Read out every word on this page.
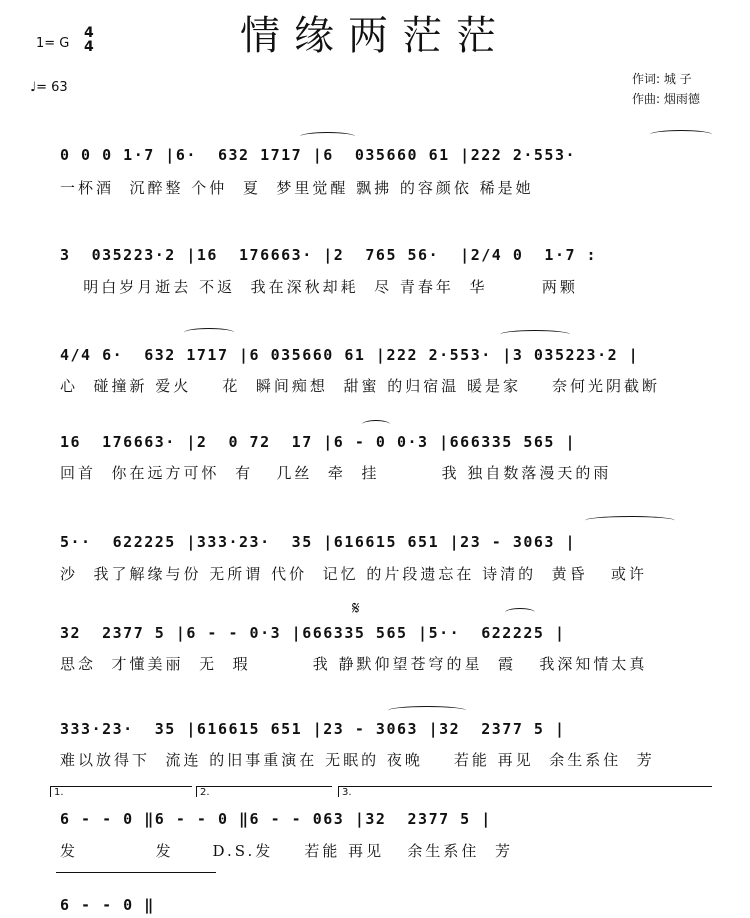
情缘两茫茫
1= G
4
4
♩= 63
作词: 城 子
作曲: 烟雨德
0 0 0 1·7 |6·  632 1717 |6  035660 61 |222 2·553·
一杯酒  沉醉整 个仲  夏  梦里觉醒 飘拂 的容颜依 稀是她
3  035223·2 |16  176663· |2  765 56·  |2/4 0  1·7 :
明白岁月逝去 不返  我在深秋却耗  尽 青春年  华       两颗
4/4 6·  632 1717 |6 035660 61 |222 2·553· |3 035223·2 |
心  碰撞新 爱火    花  瞬间痴想  甜蜜 的归宿温 暖是家    奈何光阴截断
16  176663· |2  0 72  17 |6 - 0 0·3 |666335 565 |
回首  你在远方可怀  有   几丝  牵  挂        我 独自数落漫天的雨
5··  622225 |333·23·  35 |616615 651 |23 - 3063 |
沙  我了解缘与份 无所谓 代价  记忆 的片段遗忘在 诗清的  黄昏   或许
32  2377 5 |6 - - 0·3 |666335 565 |5··  622225 |
思念  才懂美丽  无  瑕        我 静默仰望苍穹的星  霞   我深知情太真
333·23·  35 |616615 651 |23 - 3063 |32  2377 5 |
难以放得下  流连 的旧事重演在 无眠的 夜晚    若能 再见  余生系住  芳
6 - - 0 ‖6 - - 0 ‖6 - - 063 |32  2377 5 |
发          发     D.S.发    若能 再见   余生系住  芳
6 - - 0 ‖
𝄋
1.	2.	3.
